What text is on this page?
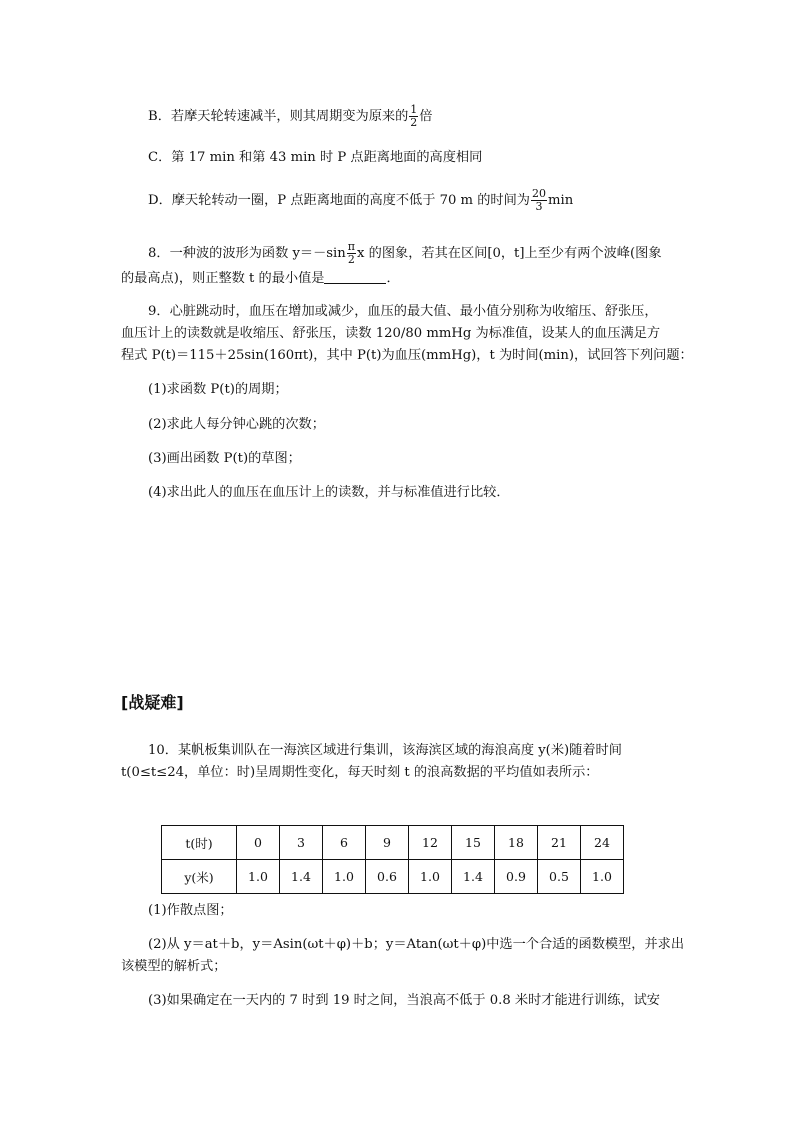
B．若摩天轮转速减半，则其周期变为原来的 $\frac{1}{2}$ 倍
C．第 17 min 和第 43 min 时 P 点距离地面的高度相同
D．摩天轮转动一圈，P 点距离地面的高度不低于 70 m 的时间为 $\frac{20}{3}$ min
8．一种波的波形为函数 $y=-\sin \frac{\pi}{2}$ x 的图象，若其在区间[0，t]上至少有两个波峰(图象
的最高点)，则正整数 t 的最小值是	．
9．心脏跳动时，血压在增加或减少，血压的最大值、最小值分别称为收缩压、舒张压，
血压计上的读数就是收缩压、舒张压，读数 120/80 mmHg 为标准值，设某人的血压满足方
程式 P(t)＝115＋25sin(160πt)，其中 P(t)为血压(mmHg)，t 为时间(min)，试回答下列问题：
(1)求函数 P(t)的周期；
(2)求此人每分钟心跳的次数；
(3)画出函数 P(t)的草图；
(4)求出此人的血压在血压计上的读数，并与标准值进行比较．
[战疑难]
10．某帆板集训队在一海滨区域进行集训，该海滨区域的海浪高度 y(米)随着时间
t(0≤t≤24，单位：时)呈周期性变化，每天时刻 t 的浪高数据的平均值如表所示：
t(时)	0	3	6	9	12	15	18	21	24
y(米)	1.0	1.4	1.0	0.6	1.0	1.4	0.9	0.5	1.0
(1)作散点图；
(2)从 y＝at＋b，y＝Asin(ωt＋φ)＋b；y＝Atan(ωt＋φ)中选一个合适的函数模型，并求出
该模型的解析式；
(3)如果确定在一天内的 7 时到 19 时之间，当浪高不低于 0.8 米时才能进行训练，试安
